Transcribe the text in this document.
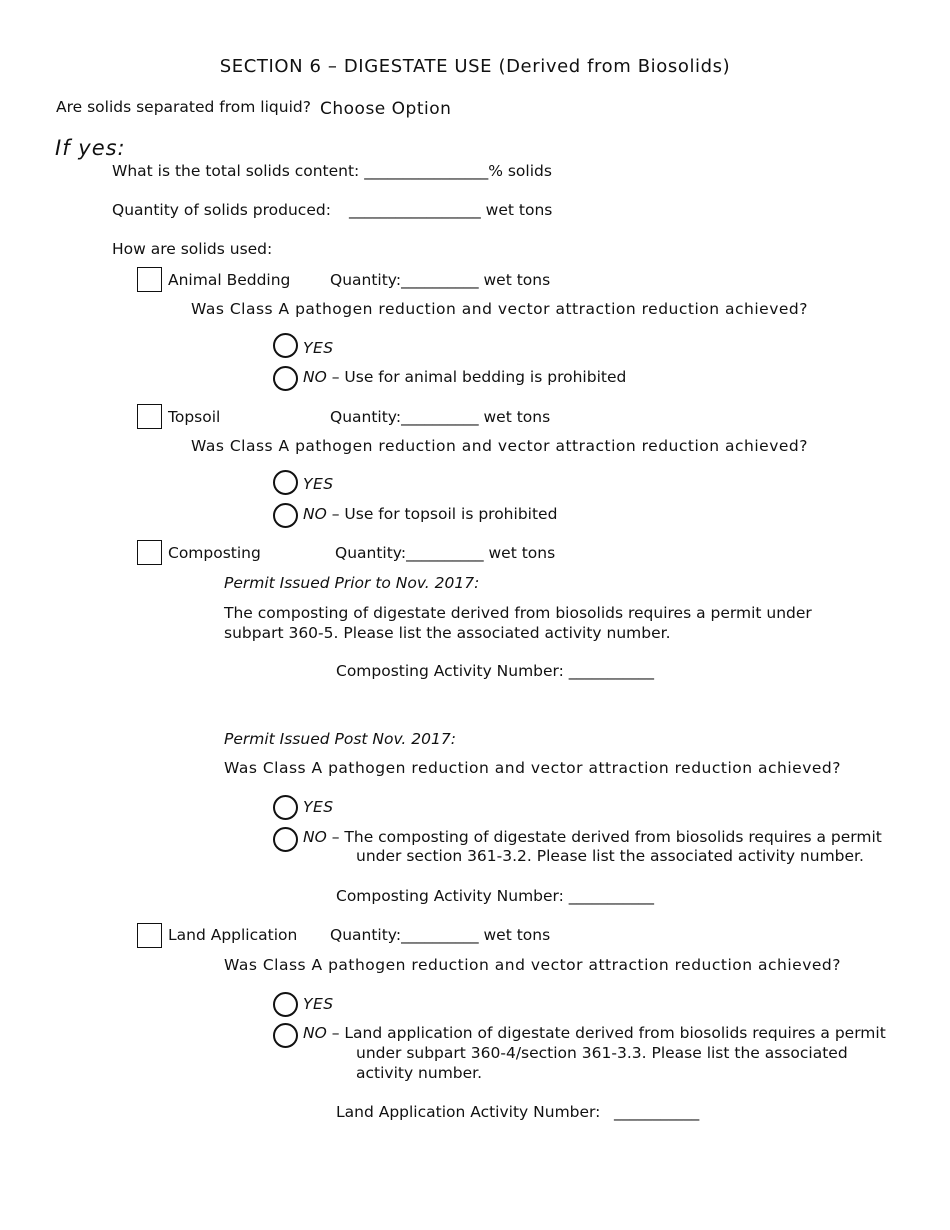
SECTION 6 – DIGESTATE USE (Derived from Biosolids)
Are solids separated from liquid? Choose Option
If yes:
What is the total solids content: ________________% solids
Quantity of solids produced: _________________ wet tons
How are solids used:
Animal Bedding	Quantity:__________ wet tons
Was Class A pathogen reduction and vector attraction reduction achieved?
YES
NO – Use for animal bedding is prohibited
Topsoil	Quantity:__________ wet tons
Was Class A pathogen reduction and vector attraction reduction achieved?
YES
NO – Use for topsoil is prohibited
Composting	Quantity:__________ wet tons
Permit Issued Prior to Nov. 2017:
The composting of digestate derived from biosolids requires a permit under subpart 360-5. Please list the associated activity number.
Composting Activity Number: ___________
Permit Issued Post Nov. 2017:
Was Class A pathogen reduction and vector attraction reduction achieved?
YES
NO – The composting of digestate derived from biosolids requires a permit
under section 361-3.2. Please list the associated activity number.
Composting Activity Number: ___________
Land Application Quantity:__________ wet tons
Was Class A pathogen reduction and vector attraction reduction achieved?
YES
NO – Land application of digestate derived from biosolids requires a permit
under subpart 360-4/section 361-3.3. Please list the associated
activity number.
Land Application Activity Number: ___________
